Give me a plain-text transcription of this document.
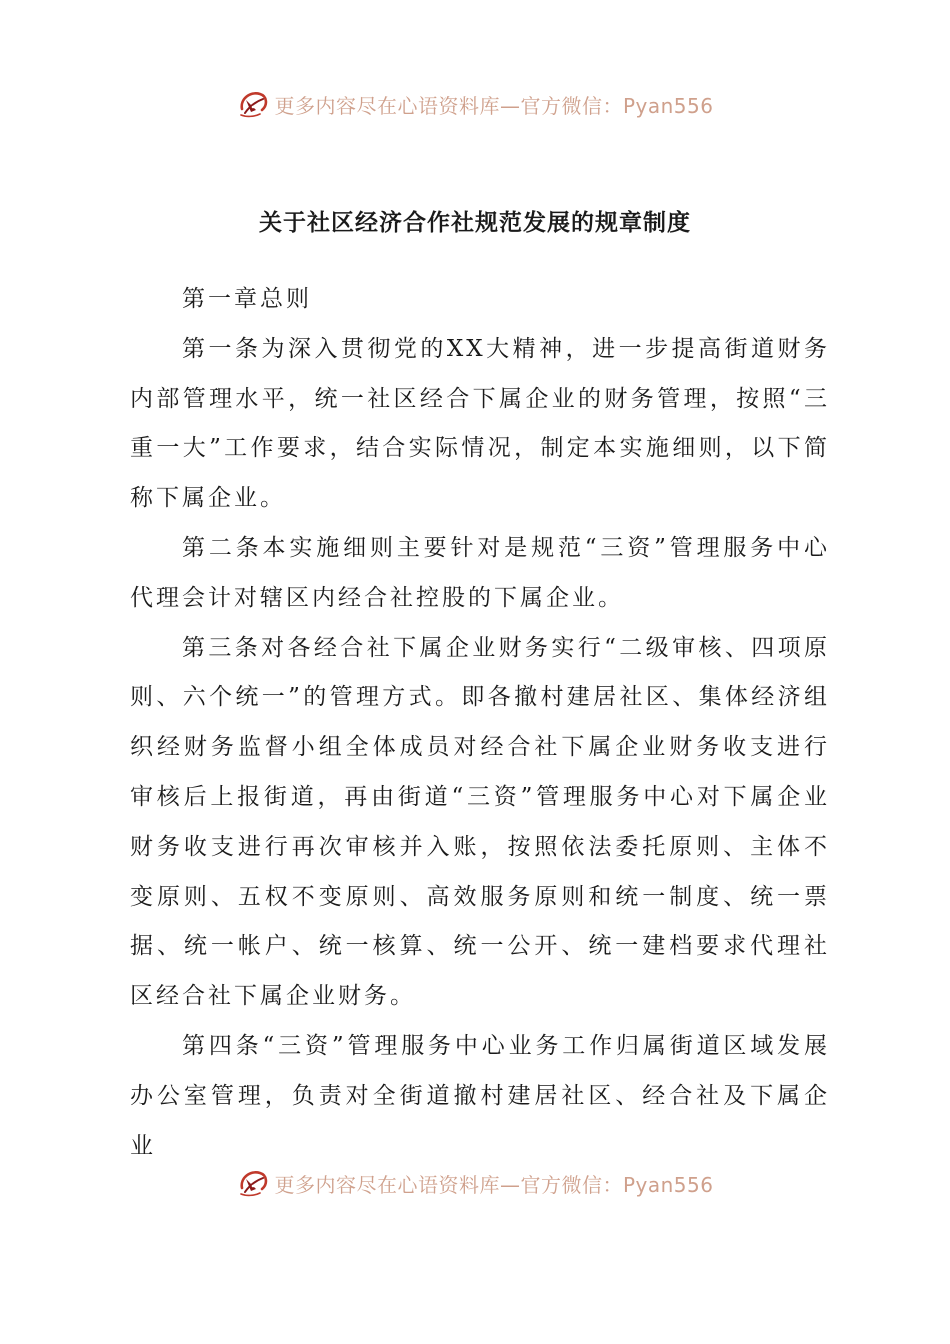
更多内容尽在心语资料库—官方微信：Pyan556
关于社区经济合作社规范发展的规章制度

第一章总则

第一条为深入贯彻党的XX大精神，进一步提高街道财务内部管理水平，统一社区经合下属企业的财务管理，按照“三重一大”工作要求，结合实际情况，制定本实施细则，以下简称下属企业。

第二条本实施细则主要针对是规范“三资”管理服务中心代理会计对辖区内经合社控股的下属企业。

第三条对各经合社下属企业财务实行“二级审核、四项原则、六个统一”的管理方式。即各撤村建居社区、集体经济组织经财务监督小组全体成员对经合社下属企业财务收支进行审核后上报街道，再由街道“三资”管理服务中心对下属企业财务收支进行再次审核并入账，按照依法委托原则、主体不变原则、五权不变原则、高效服务原则和统一制度、统一票据、统一帐户、统一核算、统一公开、统一建档要求代理社区经合社下属企业财务。

第四条“三资”管理服务中心业务工作归属街道区域发展办公室管理，负责对全街道撤村建居社区、经合社及下属企业

更多内容尽在心语资料库—官方微信：Pyan556
